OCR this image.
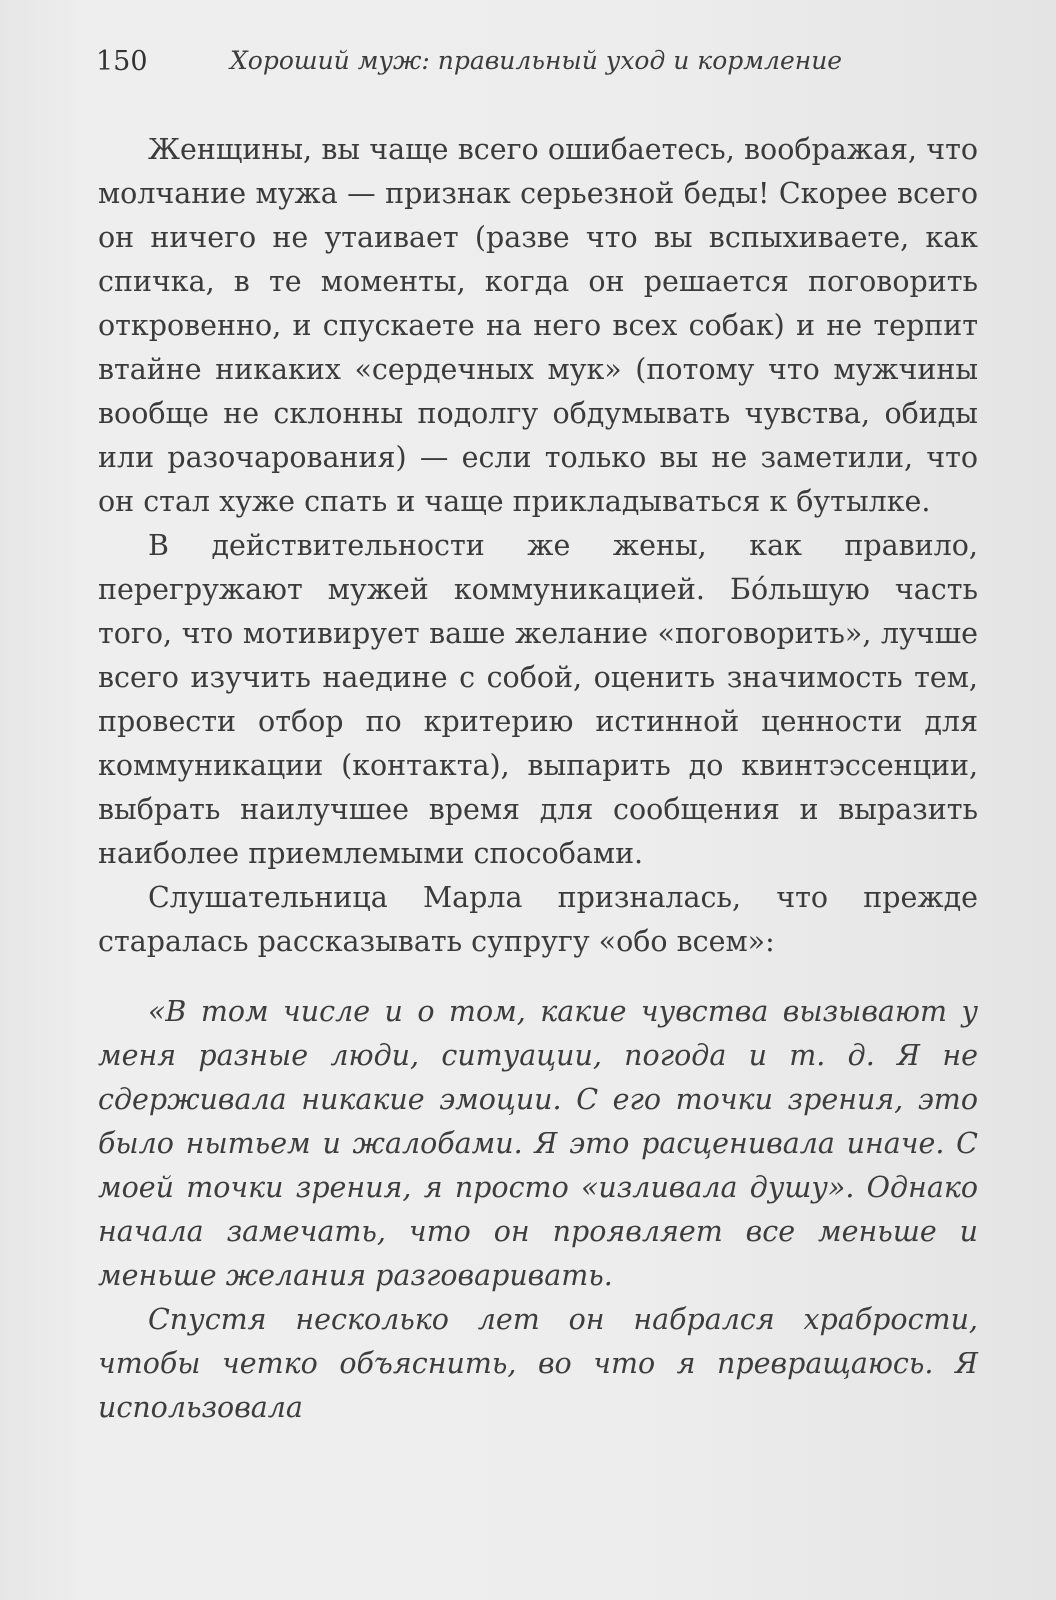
150	Хороший муж: правильный уход и кормление

Женщины, вы чаще всего ошибаетесь, воображая, что молчание мужа — признак серьезной беды! Скорее всего он ничего не утаивает (разве что вы вспыхиваете, как спичка, в те моменты, когда он решается поговорить откровенно, и спускаете на него всех собак) и не терпит втайне никаких «сердечных мук» (потому что мужчины вообще не склонны подолгу обдумывать чувства, обиды или разочарования) — если только вы не заметили, что он стал хуже спать и чаще прикладываться к бутылке.

В действительности же жены, как правило, перегружают мужей коммуникацией. Бо́льшую часть того, что мотивирует ваше желание «поговорить», лучше всего изучить наедине с собой, оценить значимость тем, провести отбор по критерию истинной ценности для коммуникации (контакта), выпарить до квинтэссенции, выбрать наилучшее время для сообщения и выразить наиболее приемлемыми способами.

Слушательница Марла призналась, что прежде старалась рассказывать супругу «обо всем»:

«В том числе и о том, какие чувства вызывают у меня разные люди, ситуации, погода и т. д. Я не сдерживала никакие эмоции. С его точки зрения, это было нытьем и жалобами. Я это расценивала иначе. С моей точки зрения, я просто «изливала душу». Однако начала замечать, что он проявляет все меньше и меньше желания разговаривать.

Спустя несколько лет он набрался храбрости, чтобы четко объяснить, во что я превращаюсь. Я использовала
